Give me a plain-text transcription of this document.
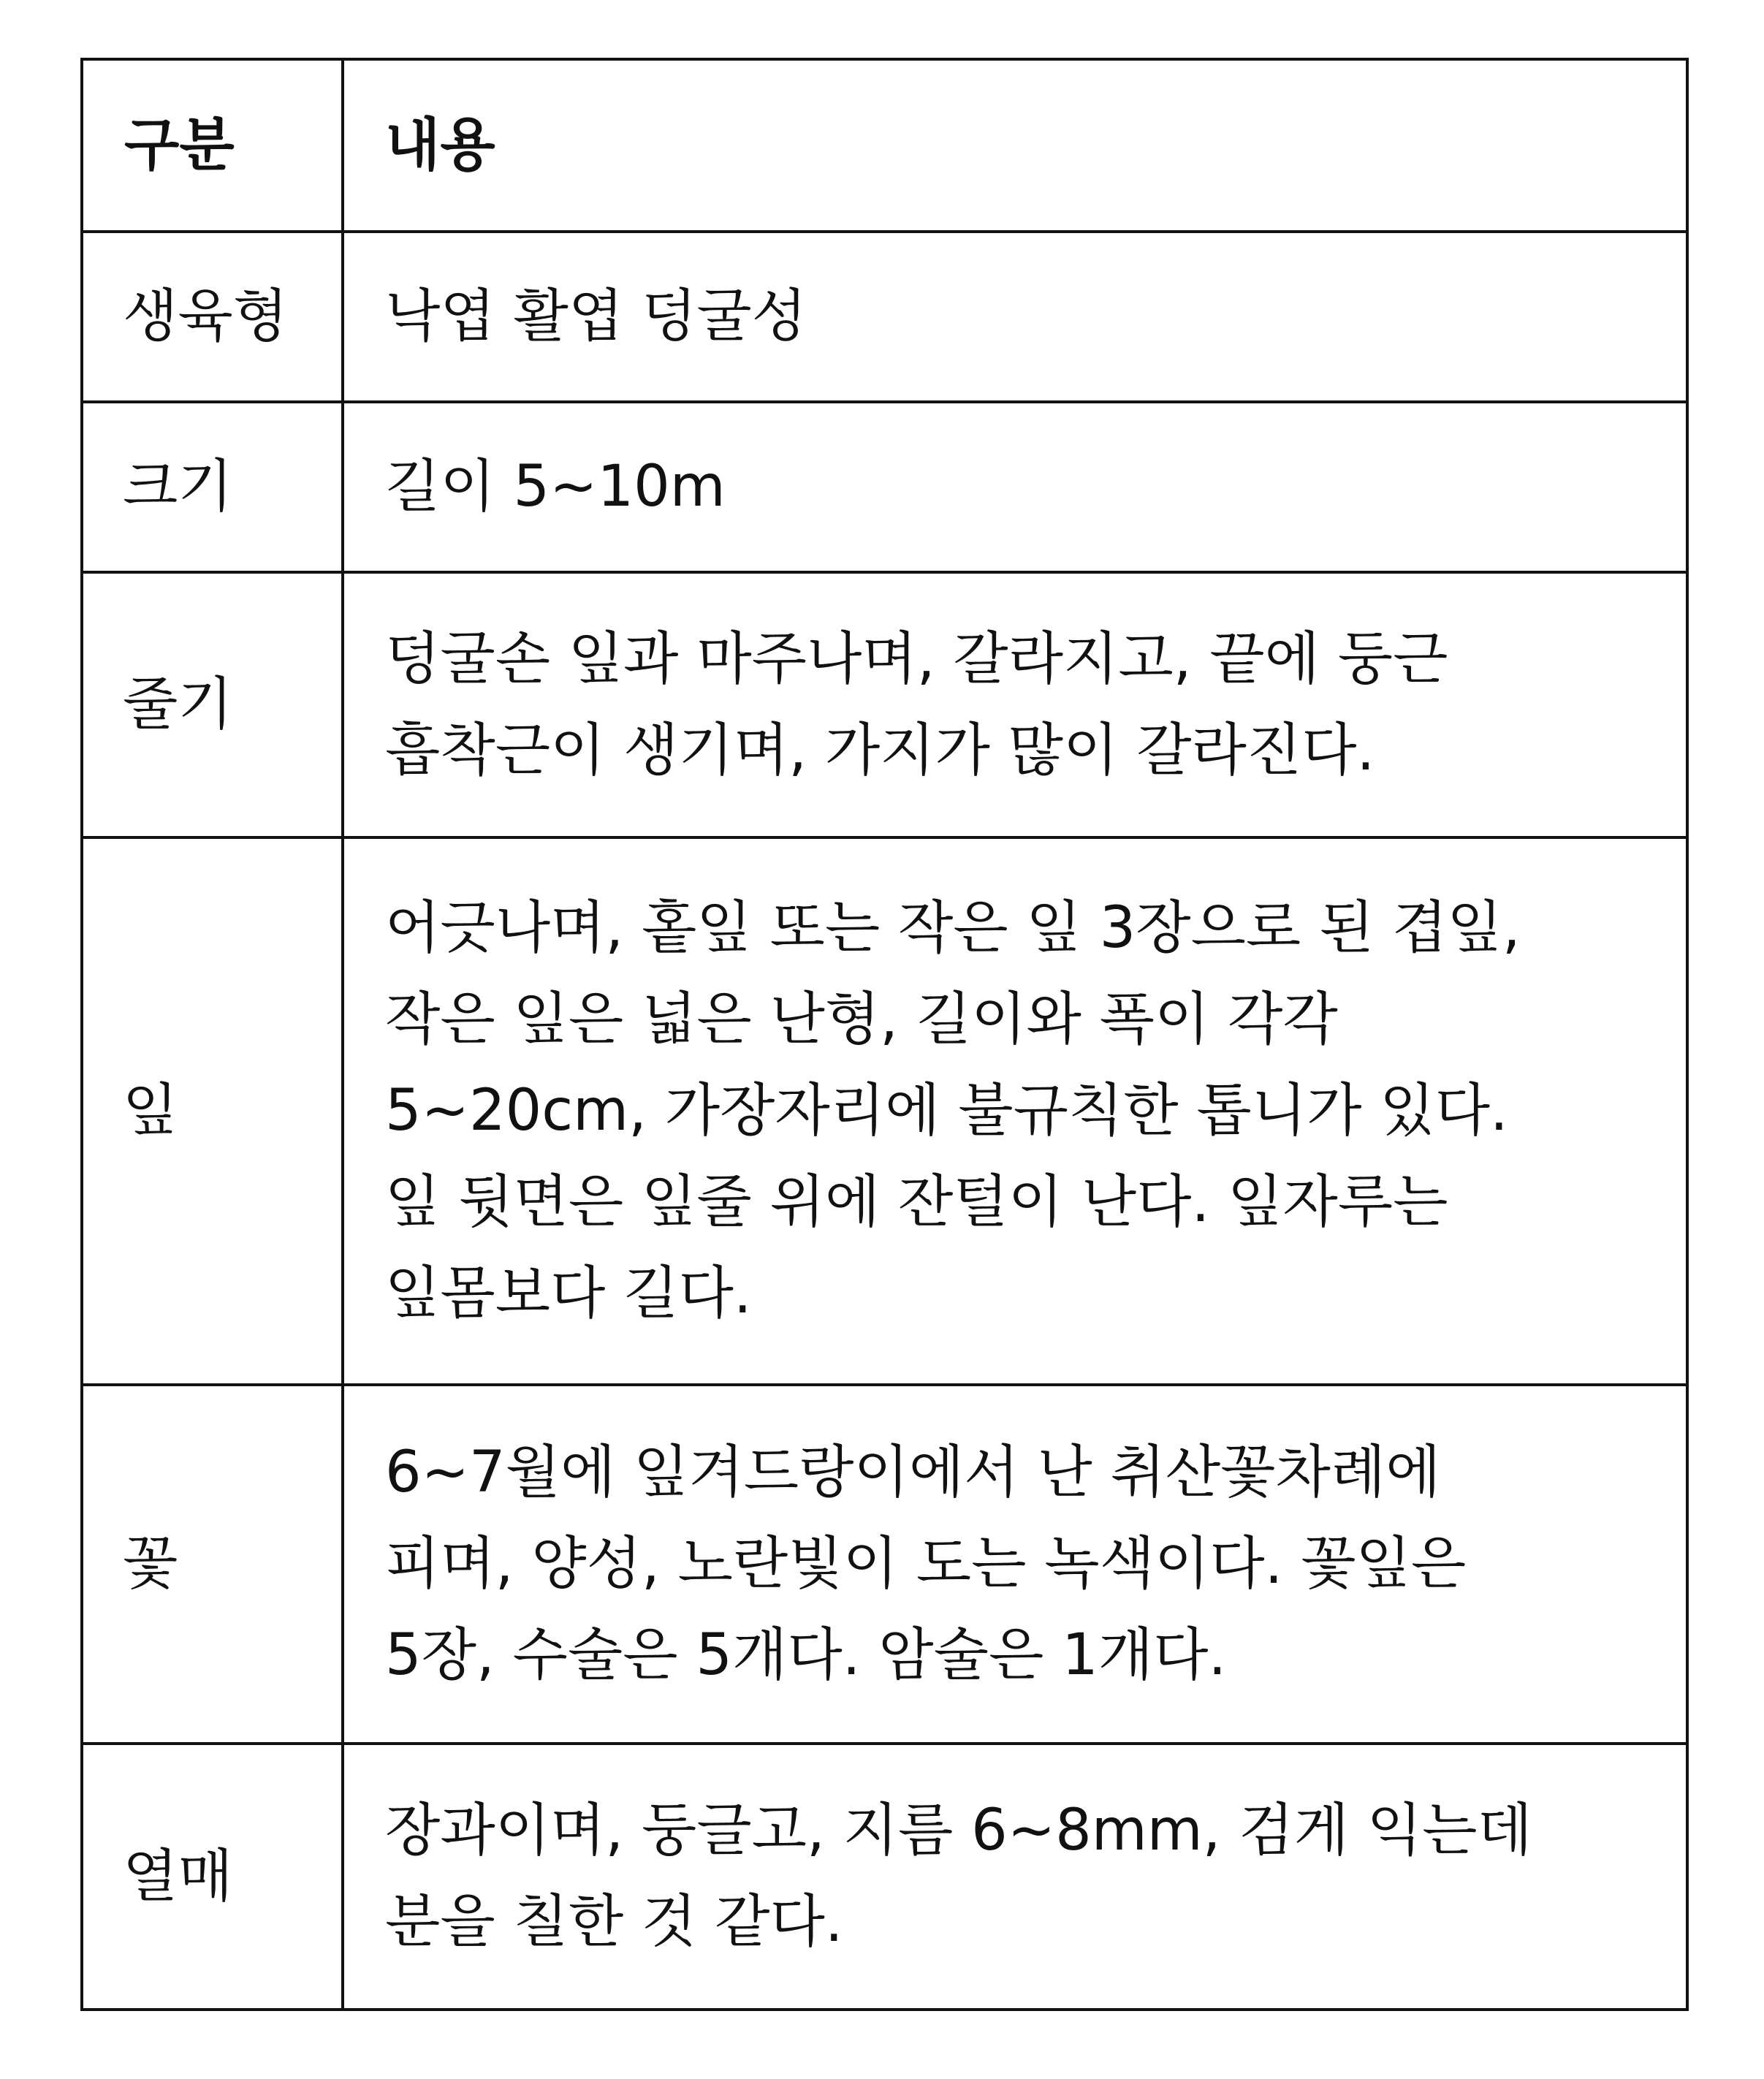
구분	내용
생육형	낙엽 활엽 덩굴성

크기	길이 5~10m

줄기	덩굴손 잎과 마주나며, 갈라지고, 끝에 둥근
흡착근이 생기며, 가지가 많이 갈라진다.

잎	어긋나며, 홑잎 또는 작은 잎 3장으로 된 겹잎,
작은 잎은 넓은 난형, 길이와 폭이 각각
5~20cm, 가장자리에 불규칙한 톱니가 있다.
잎 뒷면은 잎줄 위에 잔털이 난다. 잎자루는
잎몸보다 길다.

꽃	6~7월에 잎겨드랑이에서 난 취산꽃차례에
피며, 양성, 노란빛이 도는 녹색이다. 꽃잎은
5장, 수술은 5개다. 암술은 1개다.

열매	장과이며, 둥글고, 지름 6~8mm, 검게 익는데
분을 칠한 것 같다.
